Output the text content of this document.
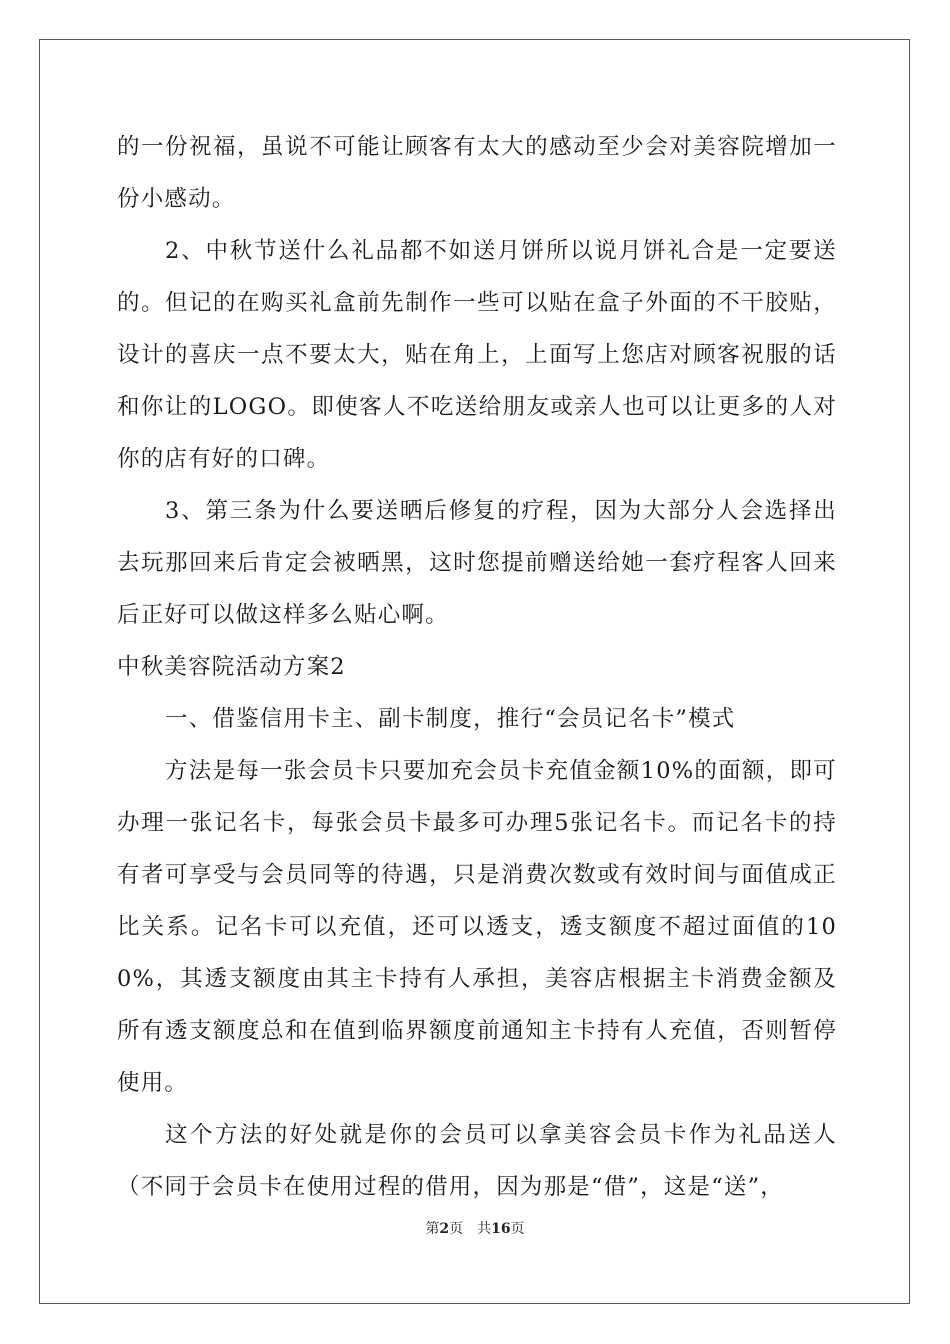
的一份祝福，虽说不可能让顾客有太大的感动至少会对美容院增加一份小感动。

2、中秋节送什么礼品都不如送月饼所以说月饼礼合是一定要送的。但记的在购买礼盒前先制作一些可以贴在盒子外面的不干胶贴，设计的喜庆一点不要太大，贴在角上，上面写上您店对顾客祝服的话和你让的LOGO。即使客人不吃送给朋友或亲人也可以让更多的人对你的店有好的口碑。

3、第三条为什么要送晒后修复的疗程，因为大部分人会选择出去玩那回来后肯定会被晒黑，这时您提前赠送给她一套疗程客人回来后正好可以做这样多么贴心啊。

中秋美容院活动方案2

一、借鉴信用卡主、副卡制度，推行“会员记名卡”模式

方法是每一张会员卡只要加充会员卡充值金额10%的面额，即可办理一张记名卡，每张会员卡最多可办理5张记名卡。而记名卡的持有者可享受与会员同等的待遇，只是消费次数或有效时间与面值成正比关系。记名卡可以充值，还可以透支，透支额度不超过面值的100%，其透支额度由其主卡持有人承担，美容店根据主卡消费金额及所有透支额度总和在值到临界额度前通知主卡持有人充值，否则暂停使用。

这个方法的好处就是你的会员可以拿美容会员卡作为礼品送人（不同于会员卡在使用过程的借用，因为那是“借”，这是“送”，

第2页　共16页
